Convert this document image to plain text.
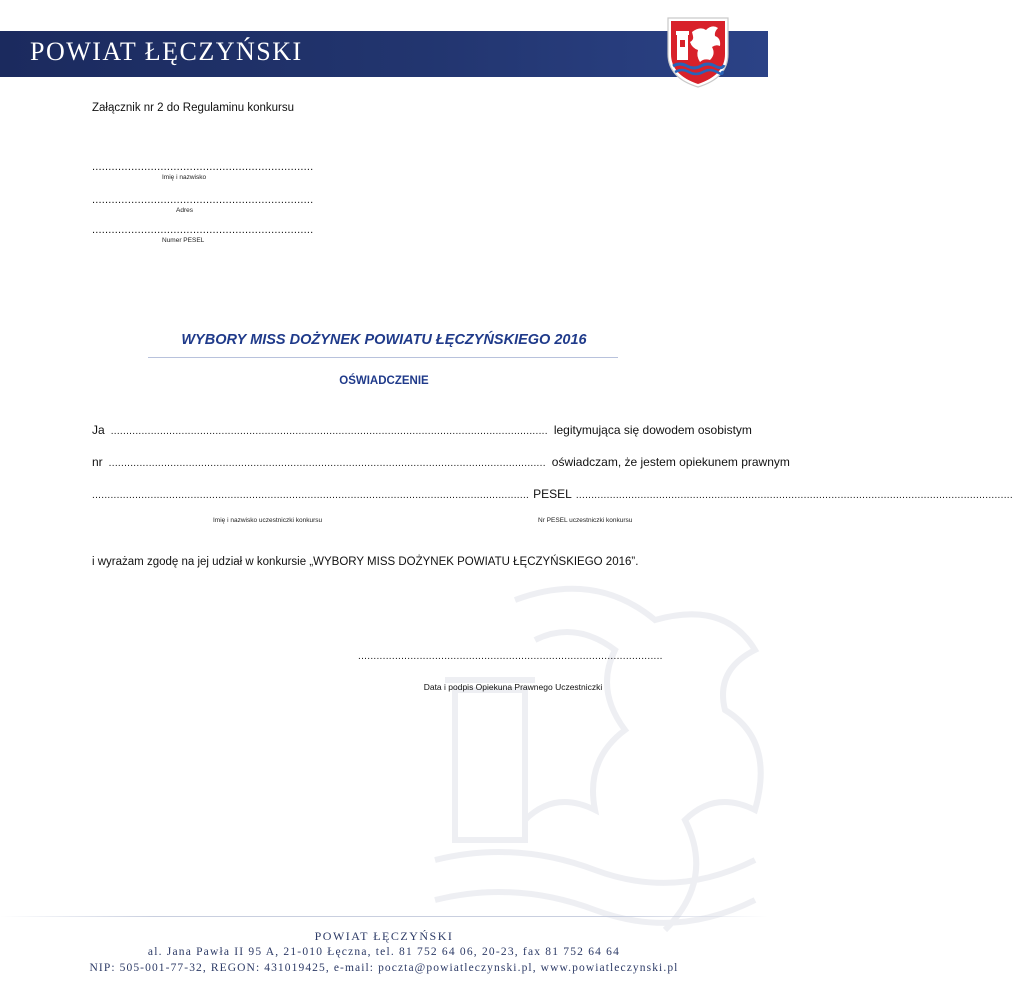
POWIAT ŁĘCZYŃSKI
Załącznik nr 2 do Regulaminu konkursu
....................................................................
Imię i nazwisko
....................................................................
Adres
....................................................................
Numer PESEL
WYBORY MISS DOŻYNEK POWIATU ŁĘCZYŃSKIEGO 2016
OŚWIADCZENIE
Ja .............................................................................................................................................. legitymująca się dowodem osobistym
nr .............................................................................................................................................. oświadczam, że jestem opiekunem prawnym
.............................................................................................................................................. PESEL ..............................................................................................................................................
Imię i nazwisko uczestniczki konkursu	Nr PESEL uczestniczki konkursu
i wyrażam zgodę na jej udział w konkursie „WYBORY MISS DOŻYNEK POWIATU ŁĘCZYŃSKIEGO 2016”.
...................................................................................................
Data i podpis Opiekuna Prawnego Uczestniczki
POWIAT ŁĘCZYŃSKI
al. Jana Pawła II 95 A, 21-010 Łęczna, tel. 81 752 64 06, 20-23, fax 81 752 64 64
NIP: 505-001-77-32, REGON: 431019425, e-mail: poczta@powiatleczynski.pl, www.powiatleczynski.pl
